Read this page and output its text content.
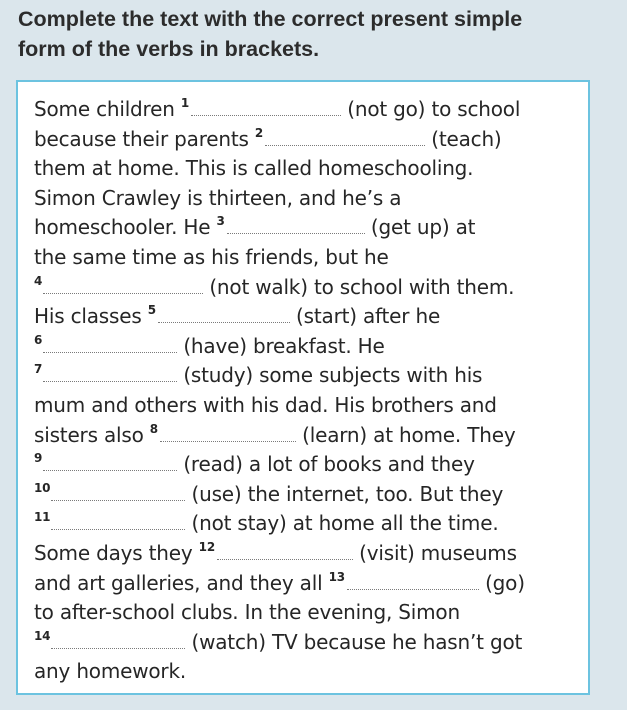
Complete the text with the correct present simple
form of the verbs in brackets.
Some children $^1$	(not go) to school
because their parents $^2$	(teach)
them at home. This is called homeschooling.
Simon Crawley is thirteen, and he’s a
homeschooler. He $^3$	(get up) at
the same time as his friends, but he
$^4$	(not walk) to school with them.
His classes $^5$	(start) after he
$^6$	(have) breakfast. He
$^7$	(study) some subjects with his
mum and others with his dad. His brothers and
sisters also $^8$	(learn) at home. They
$^9$	(read) a lot of books and they
$^{10}$	(use) the internet, too. But they
$^{11}$	(not stay) at home all the time.
Some days they $^{12}$	(visit) museums
and art galleries, and they all $^{13}$	(go)
to after-school clubs. In the evening, Simon
$^{14}$	(watch) TV because he hasn’t got
any homework.
